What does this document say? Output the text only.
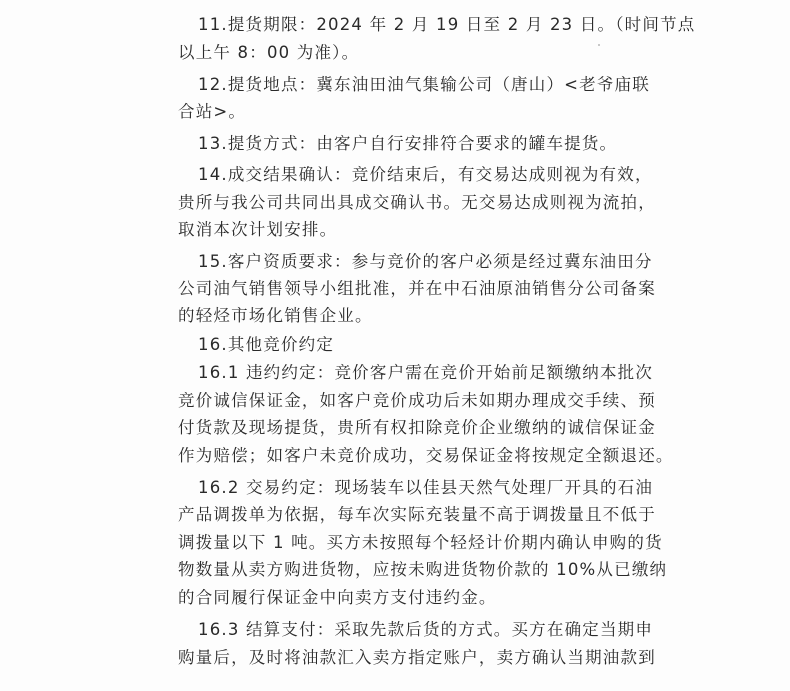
11.提货期限：2024 年 2 月 19 日至 2 月 23 日。（时间节点
以上午 8：00 为准）。
12.提货地点：冀东油田油气集输公司（唐山）<老爷庙联
合站>。
13.提货方式：由客户自行安排符合要求的罐车提货。
14.成交结果确认：竞价结束后，有交易达成则视为有效，
贵所与我公司共同出具成交确认书。无交易达成则视为流拍，
取消本次计划安排。
15.客户资质要求：参与竞价的客户必须是经过冀东油田分
公司油气销售领导小组批准，并在中石油原油销售分公司备案
的轻烃市场化销售企业。
16.其他竞价约定
16.1 违约约定：竞价客户需在竞价开始前足额缴纳本批次
竞价诚信保证金，如客户竞价成功后未如期办理成交手续、预
付货款及现场提货，贵所有权扣除竞价企业缴纳的诚信保证金
作为赔偿；如客户未竞价成功，交易保证金将按规定全额退还。
16.2 交易约定：现场装车以佳县天然气处理厂开具的石油
产品调拨单为依据，每车次实际充装量不高于调拨量且不低于
调拨量以下 1 吨。买方未按照每个轻烃计价期内确认申购的货
物数量从卖方购进货物，应按未购进货物价款的 10%从已缴纳
的合同履行保证金中向卖方支付违约金。
16.3 结算支付：采取先款后货的方式。买方在确定当期申
购量后，及时将油款汇入卖方指定账户，卖方确认当期油款到
